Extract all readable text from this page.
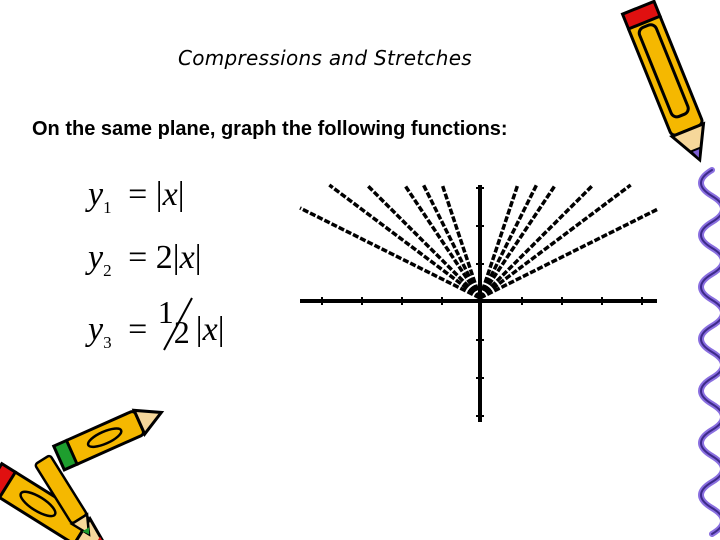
Compressions and Stretches
On the same plane, graph the following functions:
$y_1 = |x|$
$y_2 = 2|x|$
$y_3 = 1$
2 |x|
